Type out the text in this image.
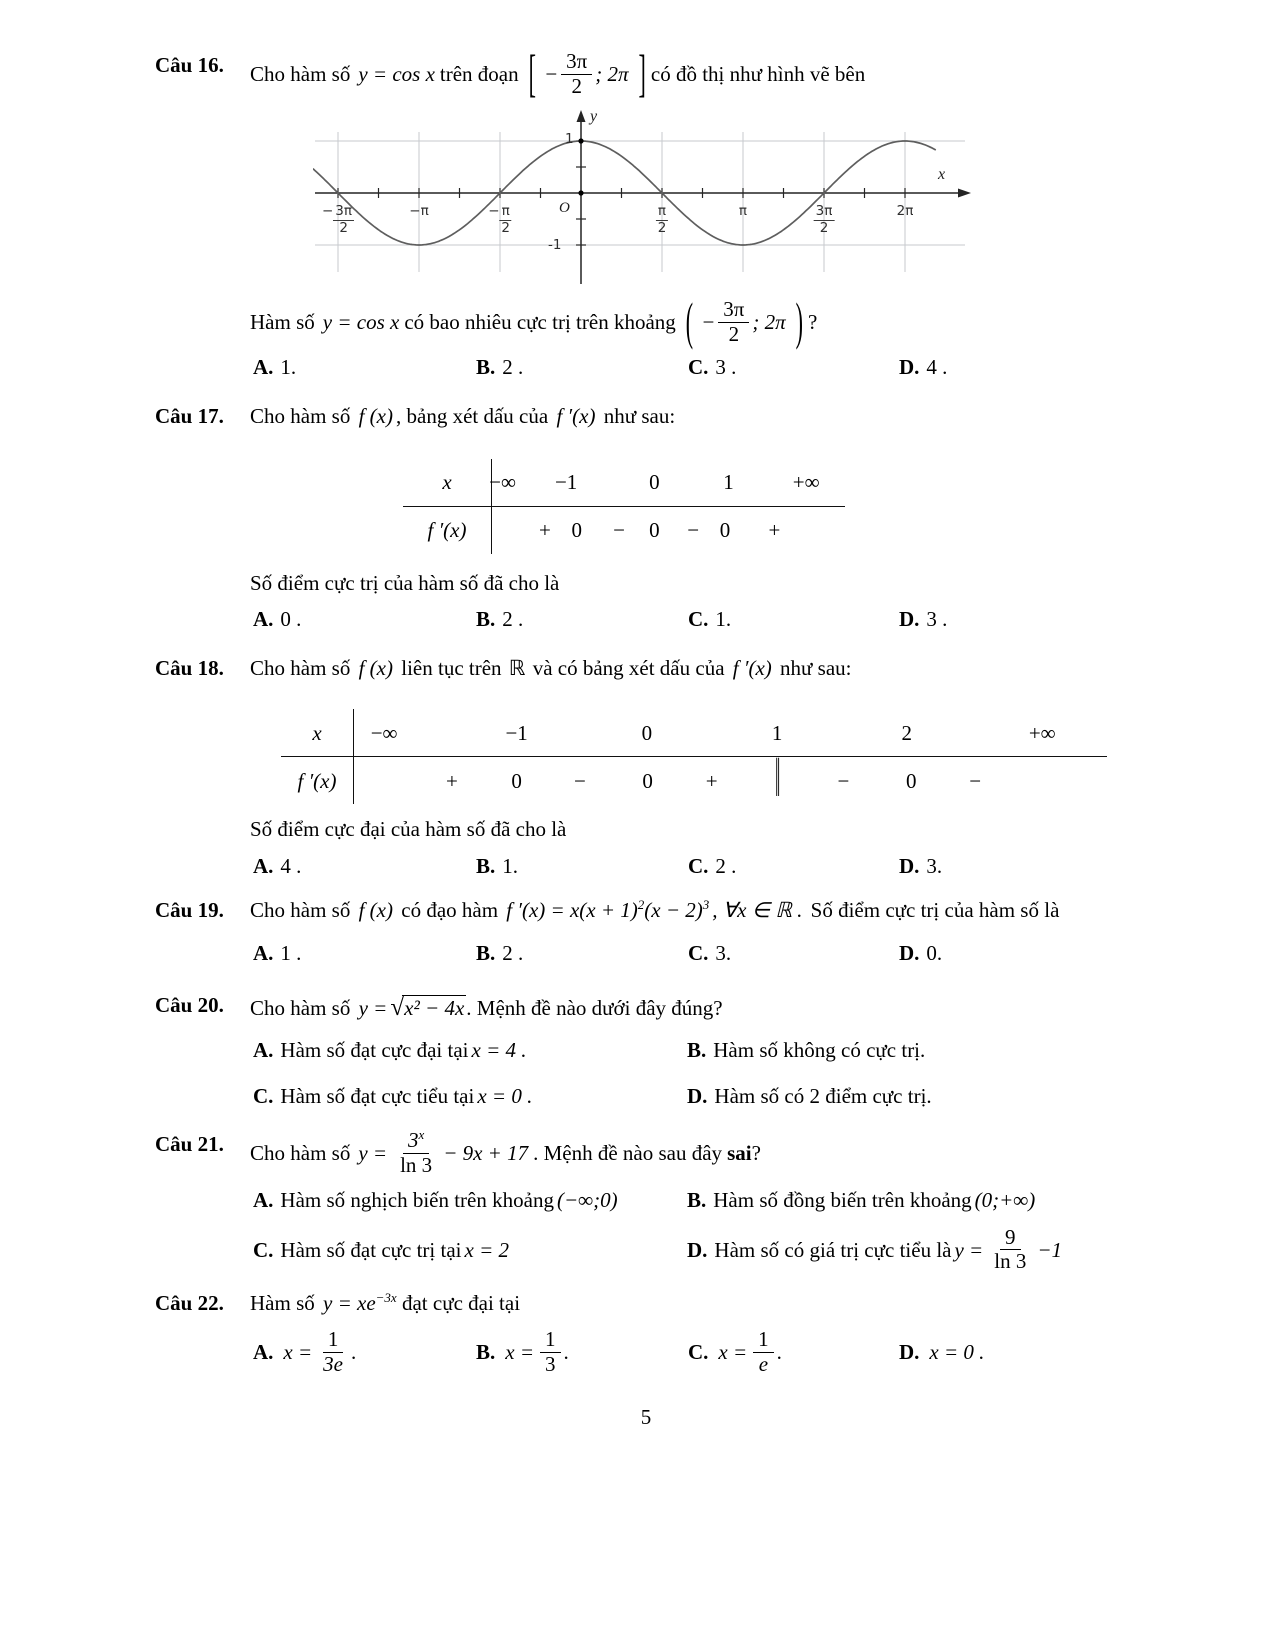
Câu 16.	Cho hàm số y = cos x trên đoạn [ − $\frac{3\pi}{2}$ ; 2π ] có đồ thị như hình vẽ bên
y
x
O
1
-1
− $\frac{3\pi}{2}$	−π	− $\frac{\pi}{2}$	$\frac{\pi}{2}$	π	$\frac{3\pi}{2}$	2π
Hàm số y = cos x có bao nhiêu cực trị trên khoảng ( − $\frac{3\pi}{2}$ ; 2π ) ?
A. 1.	B. 2 .	C. 3 .	D. 4 .
Câu 17.	Cho hàm số f (x) , bảng xét dấu của f ′(x) như sau:
x	−∞ −1	0	1	+∞
f ′(x)	+ 0 − 0 − 0 +
Số điểm cực trị của hàm số đã cho là
A. 0 .	B. 2 .	C. 1.	D. 3 .
Câu 18.	Cho hàm số f (x) liên tục trên ℝ và có bảng xét dấu của f ′(x) như sau:
x	−∞	−1	0	1	2	+∞
f ′(x)	+	0 −	0	+	‖	−	0	−
Số điểm cực đại của hàm số đã cho là
A. 4 .	B. 1.	C. 2 .	D. 3.
Câu 19.	Cho hàm số f (x) có đạo hàm f $'(x) = x(x + 1)^2(x - 2)^3$ , ∀x ∈ ℝ . Số điểm cực trị của hàm số là
A. 1 .	B. 2 .	C. 3.	D. 0.
Câu 20.	Cho hàm số y = √x² − 4x. Mệnh đề nào dưới đây đúng?
A. Hàm số đạt cực đại tại x = 4 .	B. Hàm số không có cực trị.
C. Hàm số đạt cực tiểu tại x = 0 .	D. Hàm số có 2 điểm cực trị.
Câu 21.	Cho hàm số $y = \frac{3^x}{\ln 3} - 9x + 17$ . Mệnh đề nào sau đây sai ?
A. Hàm số nghịch biến trên khoảng (−∞;0)	B. Hàm số đồng biến trên khoảng (0;+∞)
C. Hàm số đạt cực trị tại x = 2	D. Hàm số có giá trị cực tiểu là $y = \frac{9}{\ln 3} -1$
Câu 22.	Hàm số $y = xe^{-3x}$ đạt cực đại tại
A. $x = \frac{1}{3e}$ .	B. $x = \frac{1}{3}$ .	C. $x = \frac{1}{e}$ .	D. x = 0 .
5
